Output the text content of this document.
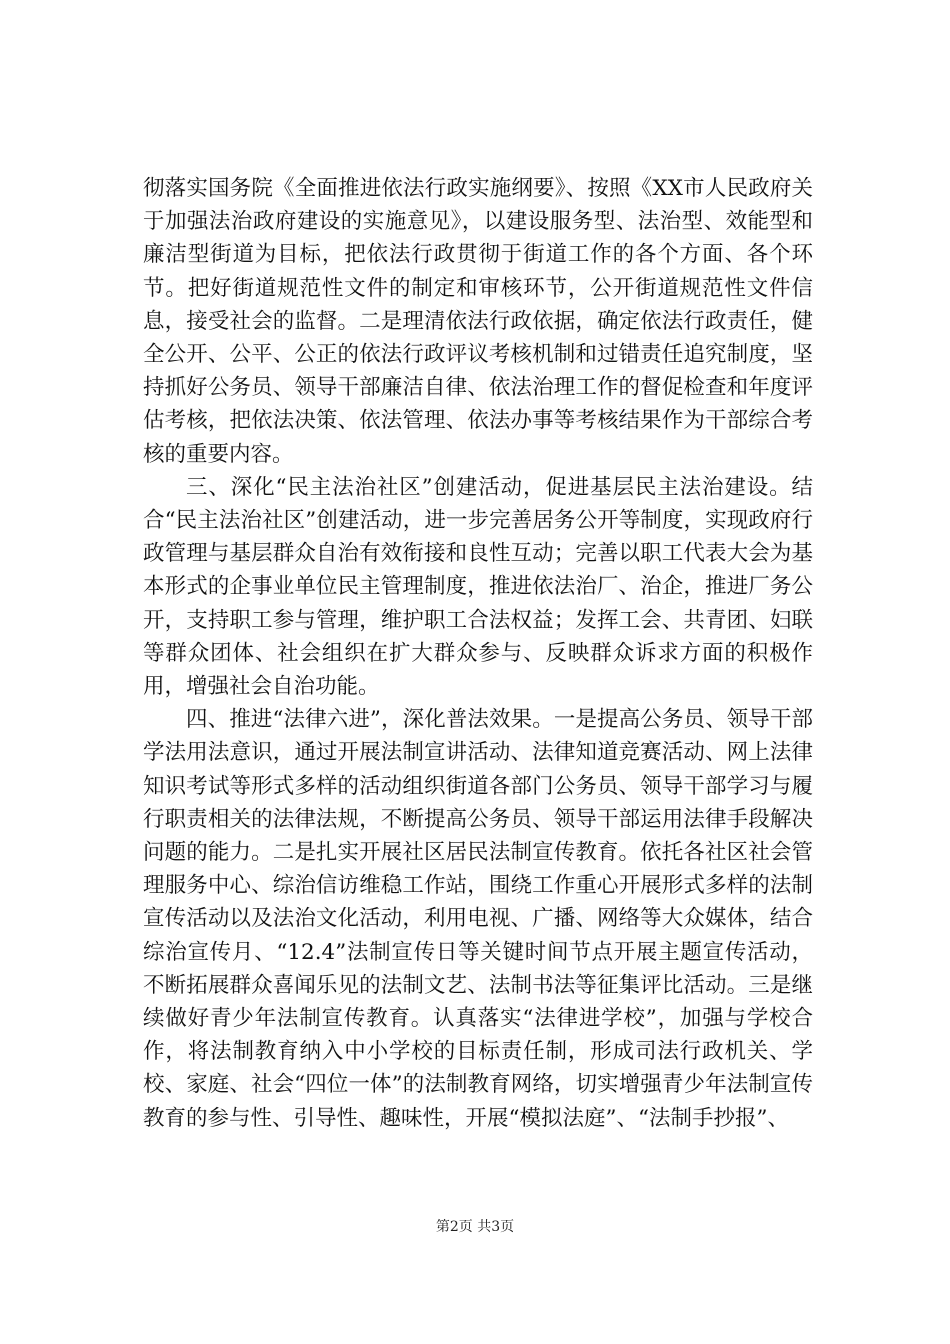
彻落实国务院《全面推进依法行政实施纲要》、按照《XX市人民政府关于加强法治政府建设的实施意见》，以建设服务型、法治型、效能型和廉洁型街道为目标，把依法行政贯彻于街道工作的各个方面、各个环节。把好街道规范性文件的制定和审核环节，公开街道规范性文件信息，接受社会的监督。二是理清依法行政依据，确定依法行政责任，健全公开、公平、公正的依法行政评议考核机制和过错责任追究制度，坚持抓好公务员、领导干部廉洁自律、依法治理工作的督促检查和年度评估考核，把依法决策、依法管理、依法办事等考核结果作为干部综合考核的重要内容。

三、深化“民主法治社区”创建活动，促进基层民主法治建设。结合“民主法治社区”创建活动，进一步完善居务公开等制度，实现政府行政管理与基层群众自治有效衔接和良性互动；完善以职工代表大会为基本形式的企事业单位民主管理制度，推进依法治厂、治企，推进厂务公开，支持职工参与管理，维护职工合法权益；发挥工会、共青团、妇联等群众团体、社会组织在扩大群众参与、反映群众诉求方面的积极作用，增强社会自治功能。

四、推进“法律六进”，深化普法效果。一是提高公务员、领导干部学法用法意识，通过开展法制宣讲活动、法律知道竞赛活动、网上法律知识考试等形式多样的活动组织街道各部门公务员、领导干部学习与履行职责相关的法律法规，不断提高公务员、领导干部运用法律手段解决问题的能力。二是扎实开展社区居民法制宣传教育。依托各社区社会管理服务中心、综治信访维稳工作站，围绕工作重心开展形式多样的法制宣传活动以及法治文化活动，利用电视、广播、网络等大众媒体，结合综治宣传月、“12.4”法制宣传日等关键时间节点开展主题宣传活动，不断拓展群众喜闻乐见的法制文艺、法制书法等征集评比活动。三是继续做好青少年法制宣传教育。认真落实“法律进学校”，加强与学校合作，将法制教育纳入中小学校的目标责任制，形成司法行政机关、学校、家庭、社会“四位一体”的法制教育网络，切实增强青少年法制宣传教育的参与性、引导性、趣味性，开展“模拟法庭”、“法制手抄报”、

第2页 共3页
